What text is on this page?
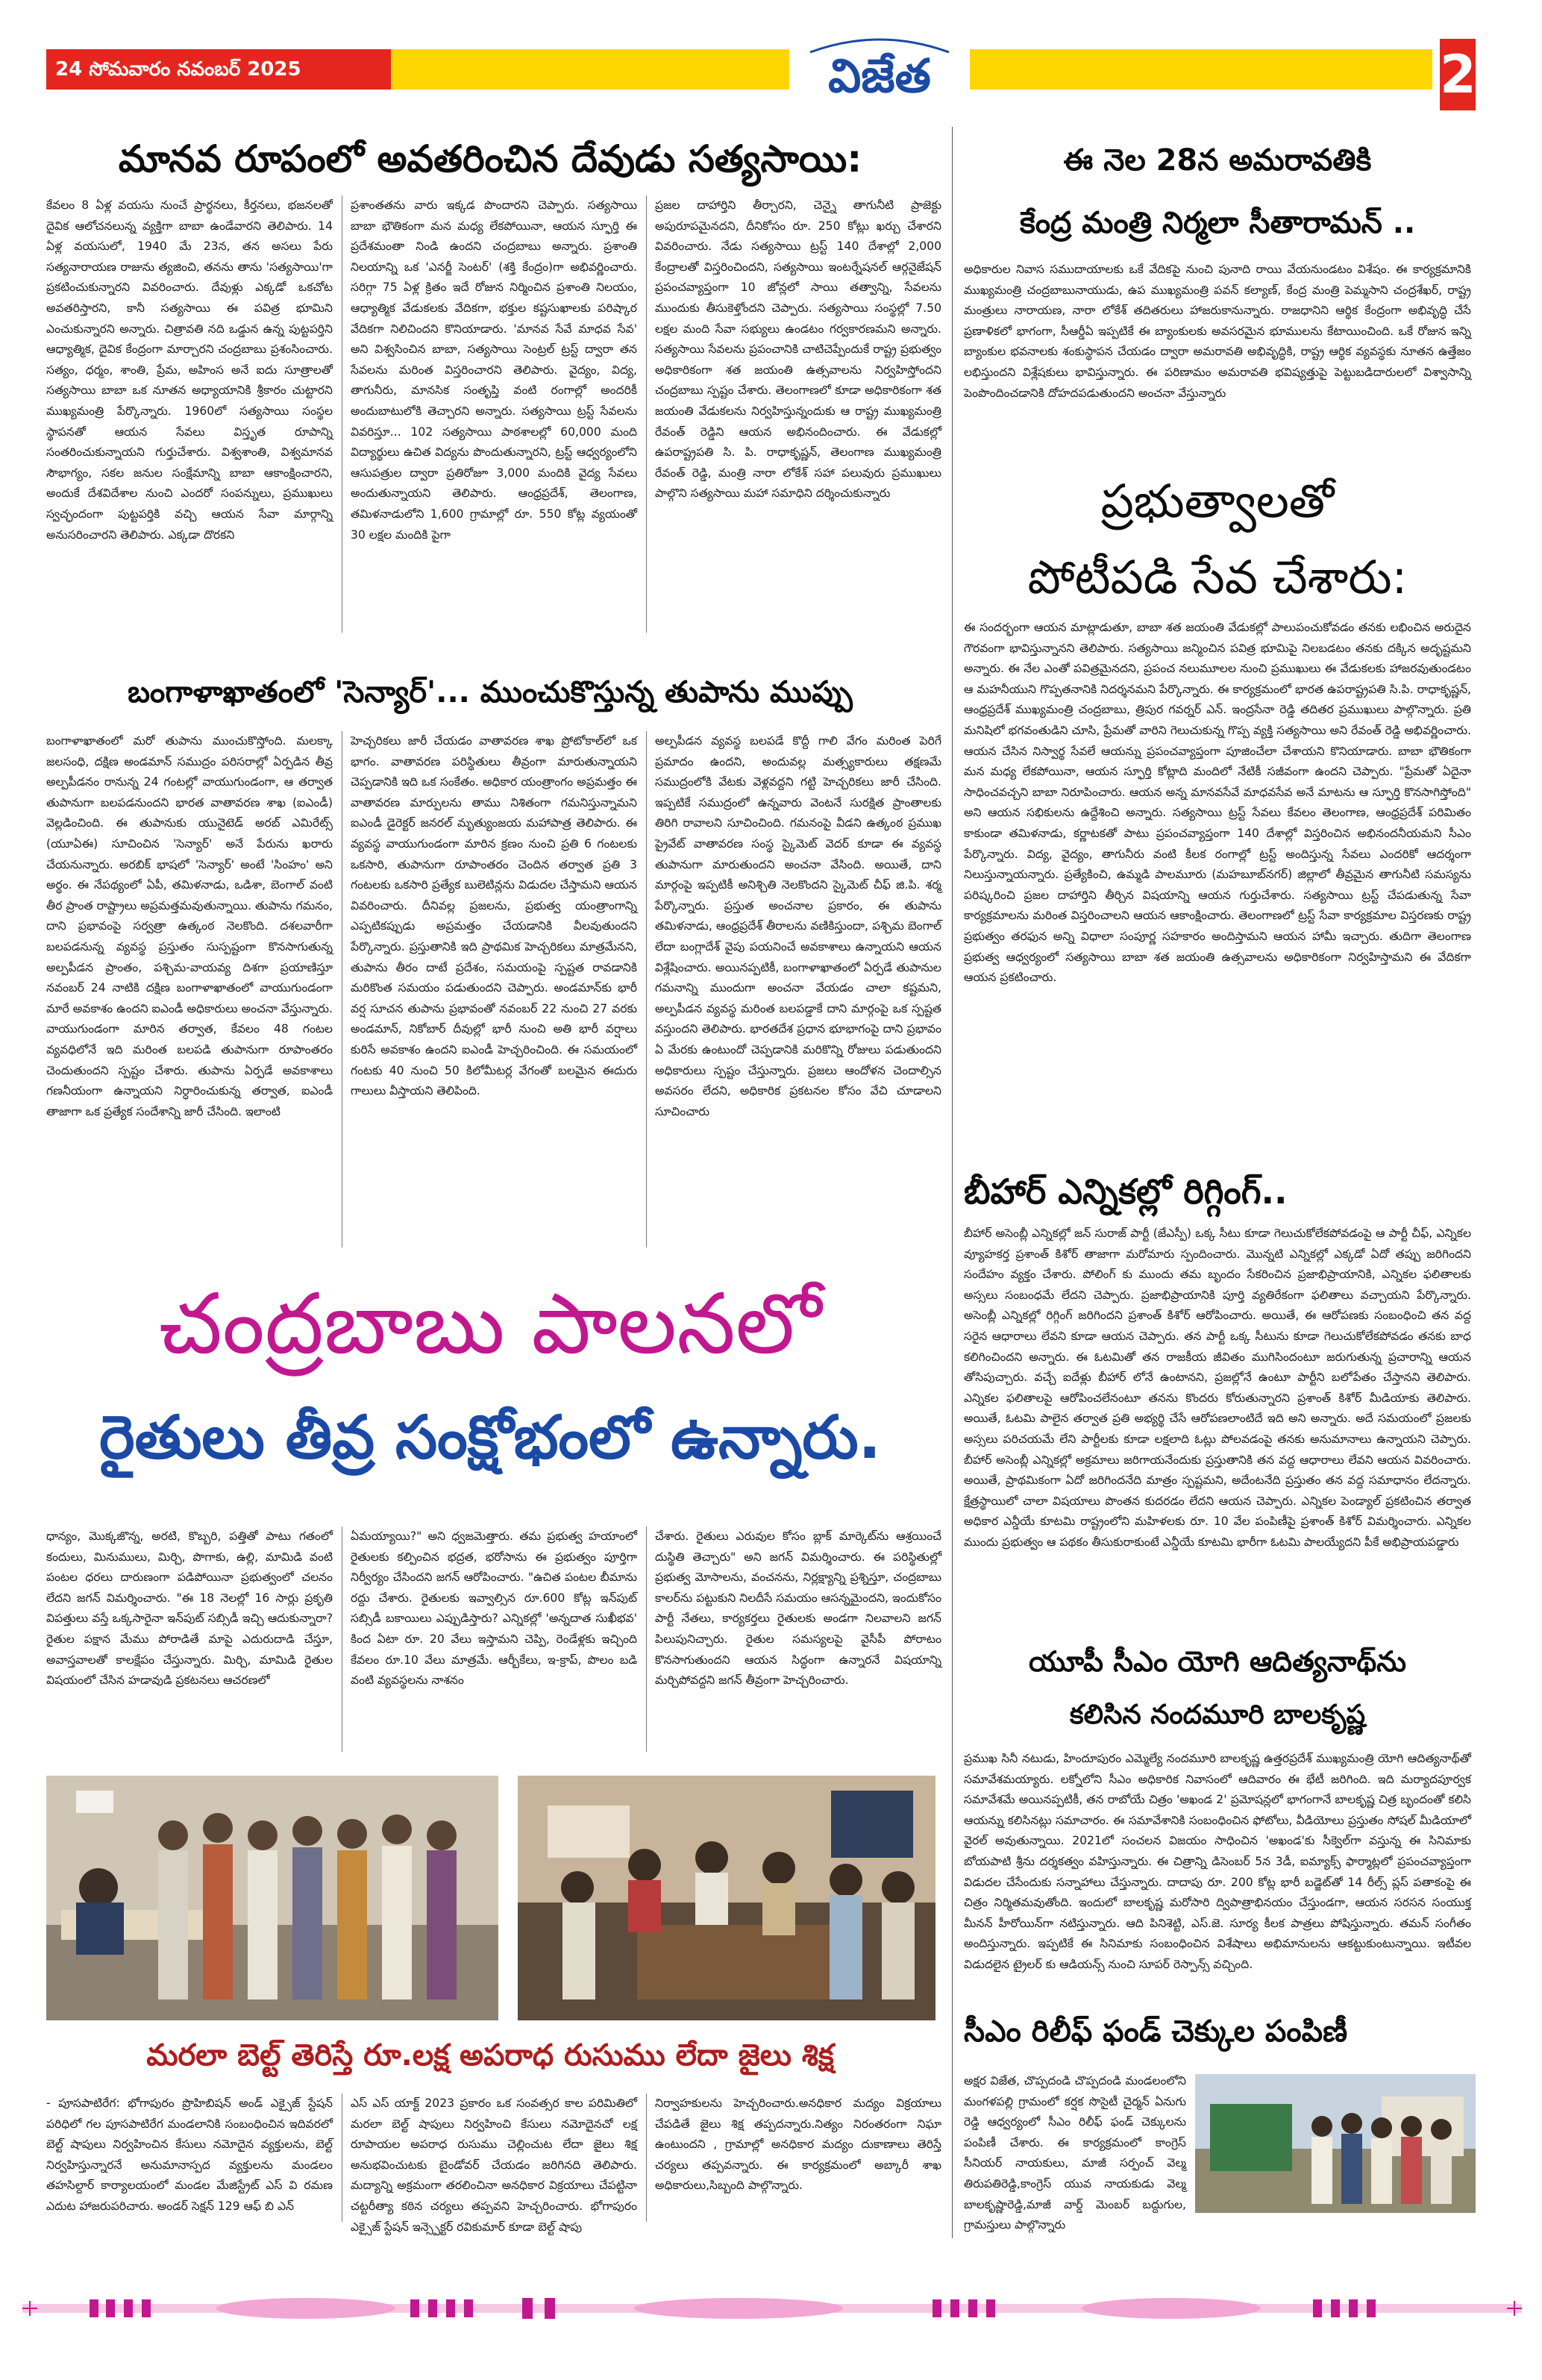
24 సోమవారం నవంబర్ 2025	విజేత	2
మానవ రూపంలో అవతరించిన దేవుడు సత్యసాయి:
కేవలం 8 ఏళ్ల వయసు నుంచే ప్రార్థనలు, కీర్తనలు, భజనలతో దైవిక ఆలోచనలున్న వ్యక్తిగా బాబా ఉండేవారని తెలిపారు. 14 ఏళ్ల వయసులో, 1940 మే 23న, తన అసలు పేరు సత్యనారాయణ రాజును త్యజించి, తనను తాను 'సత్యసాయి'గా ప్రకటించుకున్నారని వివరించారు. దేవుళ్లు ఎక్కడో ఒకచోట అవతరిస్తారని, కానీ సత్యసాయి ఈ పవిత్ర భూమిని ఎంచుకున్నారని అన్నారు. చిత్రావతి నది ఒడ్డున ఉన్న పుట్టపర్తిని ఆధ్యాత్మిక, దైవిక కేంద్రంగా మార్చారని చంద్రబాబు ప్రశంసించారు. సత్యం, ధర్మం, శాంతి, ప్రేమ, అహింస అనే ఐదు సూత్రాలతో సత్యసాయి బాబా ఒక నూతన అధ్యాయానికి శ్రీకారం చుట్టారని ముఖ్యమంత్రి పేర్కొన్నారు. 1960లో సత్యసాయి సంస్థల స్థాపనతో ఆయన సేవలు విస్తృత రూపాన్ని సంతరించుకున్నాయని గుర్తుచేశారు. విశ్వశాంతి, విశ్వమానవ సౌభాగ్యం, సకల జనుల సంక్షేమాన్ని బాబా ఆకాంక్షించారని, అందుకే దేశవిదేశాల నుంచి ఎందరో సంపన్నులు, ప్రముఖులు స్వచ్ఛందంగా పుట్టపర్తికి వచ్చి ఆయన సేవా మార్గాన్ని అనుసరించారని తెలిపారు. ఎక్కడా దొరకని
ప్రశాంతతను వారు ఇక్కడ పొందారని చెప్పారు. సత్యసాయి బాబా భౌతికంగా మన మధ్య లేకపోయినా, ఆయన స్ఫూర్తి ఈ ప్రదేశమంతా నిండి ఉందని చంద్రబాబు అన్నారు. ప్రశాంతి నిలయాన్ని ఒక 'ఎనర్జీ సెంటర్' (శక్తి కేంద్రం)గా అభివర్ణించారు. సరిగ్గా 75 ఏళ్ల క్రితం ఇదే రోజున నిర్మించిన ప్రశాంతి నిలయం, ఆధ్యాత్మిక వేడుకలకు వేదికగా, భక్తుల కష్టసుఖాలకు పరిష్కార వేదికగా నిలిచిందని కొనియాడారు. 'మానవ సేవే మాధవ సేవ' అని విశ్వసించిన బాబా, సత్యసాయి సెంట్రల్ ట్రస్ట్ ద్వారా తన సేవలను మరింత విస్తరించారని తెలిపారు. వైద్యం, విద్య, తాగునీరు, మానసిక సంతృప్తి వంటి రంగాల్లో అందరికీ అందుబాటులోకి తెచ్చారని అన్నారు. సత్యసాయి ట్రస్ట్ సేవలను వివరిస్తూ... 102 సత్యసాయి పాఠశాలల్లో 60,000 మంది విద్యార్థులు ఉచిత విద్యను పొందుతున్నారని, ట్రస్ట్ ఆధ్వర్యంలోని ఆసుపత్రుల ద్వారా ప్రతిరోజూ 3,000 మందికి వైద్య సేవలు అందుతున్నాయని తెలిపారు. ఆంధ్రప్రదేశ్, తెలంగాణ, తమిళనాడులోని 1,600 గ్రామాల్లో రూ. 550 కోట్ల వ్యయంతో 30 లక్షల మందికి పైగా
ప్రజల దాహార్తిని తీర్చారని, చెన్నై తాగునీటి ప్రాజెక్టు అపురూపమైనదని, దీనికోసం రూ. 250 కోట్లు ఖర్చు చేశారని వివరించారు. నేడు సత్యసాయి ట్రస్ట్ 140 దేశాల్లో 2,000 కేంద్రాలతో విస్తరించిందని, సత్యసాయి ఇంటర్నేషనల్ ఆర్గనైజేషన్ ప్రపంచవ్యాప్తంగా 10 జోన్లలో సాయి తత్వాన్ని, సేవలను ముందుకు తీసుకెళ్తోందని చెప్పారు. సత్యసాయి సంస్థల్లో 7.50 లక్షల మంది సేవా సభ్యులు ఉండటం గర్వకారణమని అన్నారు. సత్యసాయి సేవలను ప్రపంచానికి చాటిచెప్పేందుకే రాష్ట్ర ప్రభుత్వం అధికారికంగా శత జయంతి ఉత్సవాలను నిర్వహిస్తోందని చంద్రబాబు స్పష్టం చేశారు. తెలంగాణలో కూడా అధికారికంగా శత జయంతి వేడుకలను నిర్వహిస్తున్నందుకు ఆ రాష్ట్ర ముఖ్యమంత్రి రేవంత్ రెడ్డిని ఆయన అభినందించారు. ఈ వేడుకల్లో ఉపరాష్ట్రపతి సి. పి. రాధాకృష్ణన్, తెలంగాణ ముఖ్యమంత్రి రేవంత్ రెడ్డి, మంత్రి నారా లోకేశ్ సహా పలువురు ప్రముఖులు పాల్గొని సత్యసాయి మహా సమాధిని దర్శించుకున్నారు
బంగాళాఖాతంలో 'సెన్యార్'... ముంచుకొస్తున్న తుపాను ముప్పు
బంగాళాఖాతంలో మరో తుపాను ముంచుకొస్తోంది. మలక్కా జలసంధి, దక్షిణ అండమాన్ సముద్రం పరిసరాల్లో ఏర్పడిన తీవ్ర అల్పపీడనం రానున్న 24 గంటల్లో వాయుగుండంగా, ఆ తర్వాత తుపానుగా బలపడనుందని భారత వాతావరణ శాఖ (ఐఎండీ) వెల్లడించింది. ఈ తుపానుకు యునైటెడ్ అరబ్ ఎమిరేట్స్ (యూఏఈ) సూచించిన 'సెన్యార్' అనే పేరును ఖరారు చేయనున్నారు. అరబిక్ భాషలో 'సెన్యార్' అంటే 'సింహం' అని అర్థం. ఈ నేపథ్యంలో ఏపీ, తమిళనాడు, ఒడిశా, బెంగాల్ వంటి తీర ప్రాంత రాష్ట్రాలు అప్రమత్తమవుతున్నాయి. తుపాను గమనం, దాని ప్రభావంపై సర్వత్రా ఉత్కంఠ నెలకొంది. దశలవారీగా బలపడనున్న వ్యవస్థ ప్రస్తుతం సుస్పష్టంగా కొనసాగుతున్న అల్పపీడన ప్రాంతం, పశ్చిమ-వాయవ్య దిశగా ప్రయాణిస్తూ నవంబర్ 24 నాటికి దక్షిణ బంగాళాఖాతంలో వాయుగుండంగా మారే అవకాశం ఉందని ఐఎండీ అధికారులు అంచనా వేస్తున్నారు. వాయుగుండంగా మారిన తర్వాత, కేవలం 48 గంటల వ్యవధిలోనే ఇది మరింత బలపడి తుపానుగా రూపాంతరం చెందుతుందని స్పష్టం చేశారు. తుపాను ఏర్పడే అవకాశాలు గణనీయంగా ఉన్నాయని నిర్ధారించుకున్న తర్వాత, ఐఎండీ తాజాగా ఒక ప్రత్యేక సందేశాన్ని జారీ చేసింది. ఇలాంటి
హెచ్చరికలు జారీ చేయడం వాతావరణ శాఖ ప్రోటోకాల్‌లో ఒక భాగం. వాతావరణ పరిస్థితులు తీవ్రంగా మారుతున్నాయని చెప్పడానికి ఇది ఒక సంకేతం. అధికార యంత్రాంగం అప్రమత్తం ఈ వాతావరణ మార్పులను తాము నిశితంగా గమనిస్తున్నామని ఐఎండీ డైరెక్టర్ జనరల్ మృత్యుంజయ మహాపాత్ర తెలిపారు. ఈ వ్యవస్థ వాయుగుండంగా మారిన క్రణం నుంచి ప్రతి 6 గంటలకు ఒకసారి, తుపానుగా రూపాంతరం చెందిన తర్వాత ప్రతి 3 గంటలకు ఒకసారి ప్రత్యేక బులెటిన్లను విడుదల చేస్తామని ఆయన వివరించారు. దీనివల్ల ప్రజలను, ప్రభుత్వ యంత్రాంగాన్ని ఎప్పటికప్పుడు అప్రమత్తం చేయడానికి వీలవుతుందని పేర్కొన్నారు. ప్రస్తుతానికి ఇది ప్రాథమిక హెచ్చరికలు మాత్రమేనని, తుపాను తీరం దాటే ప్రదేశం, సమయంపై స్పష్టత రావడానికి మరికొంత సమయం పడుతుందని చెప్పారు. అండమాన్‌కు భారీ వర్ష సూచన తుపాను ప్రభావంతో నవంబర్ 22 నుంచి 27 వరకు అండమాన్, నికోబార్ దీవుల్లో భారీ నుంచి అతి భారీ వర్షాలు కురిసే అవకాశం ఉందని ఐఎండీ హెచ్చరించింది. ఈ సమయంలో గంటకు 40 నుంచి 50 కిలోమీటర్ల వేగంతో బలమైన ఈదురు గాలులు వీస్తాయని తెలిపింది.
అల్పపీడన వ్యవస్థ బలపడే కొద్దీ గాలి వేగం మరింత పెరిగే ప్రమాదం ఉందని, అందువల్ల మత్స్యకారులు తక్షణమే సముద్రంలోకి వేటకు వెళ్లవద్దని గట్టి హెచ్చరికలు జారీ చేసింది. ఇప్పటికే సముద్రంలో ఉన్నవారు వెంటనే సురక్షిత ప్రాంతాలకు తిరిగి రావాలని సూచించింది. గమనంపై వీడని ఉత్కంఠ ప్రముఖ ప్రైవేట్ వాతావరణ సంస్థ స్కైమెట్ వెదర్ కూడా ఈ వ్యవస్థ తుపానుగా మారుతుందని అంచనా వేసింది. అయితే, దాని మార్గంపై ఇప్పటికీ అనిశ్చితి నెలకొందని స్కైమెట్ చీఫ్ జి.పి. శర్మ పేర్కొన్నారు. ప్రస్తుత అంచనాల ప్రకారం, ఈ తుపాను తమిళనాడు, ఆంధ్రప్రదేశ్ తీరాలను వణికిస్తుందా, పశ్చిమ బెంగాల్ లేదా బంగ్లాదేశ్ వైపు పయనించే అవకాశాలు ఉన్నాయని ఆయన విశ్లేషించారు. అయినప్పటికీ, బంగాళాఖాతంలో ఏర్పడే తుపానుల గమనాన్ని ముందుగా అంచనా వేయడం చాలా కష్టమని, అల్పపీడన వ్యవస్థ మరింత బలపడ్డాకే దాని మార్గంపై ఒక స్పష్టత వస్తుందని తెలిపారు. భారతదేశ ప్రధాన భూభాగంపై దాని ప్రభావం ఏ మేరకు ఉంటుందో చెప్పడానికి మరికొన్ని రోజులు పడుతుందని అధికారులు స్పష్టం చేస్తున్నారు. ప్రజలు ఆందోళన చెందాల్సిన అవసరం లేదని, అధికారిక ప్రకటనల కోసం వేచి చూడాలని సూచించారు
చంద్రబాబు పాలనలో
రైతులు తీవ్ర సంక్షోభంలో ఉన్నారు.
ధాన్యం, మొక్కజొన్న, అరటి, కొబ్బరి, పత్తితో పాటు గతంలో కందులు, మినుములు, మిర్చి, పొగాకు, ఉల్లి, మామిడి వంటి పంటల ధరలు దారుణంగా పడిపోయినా ప్రభుత్వంలో చలనం లేదని జగన్ విమర్శించారు. "ఈ 18 నెలల్లో 16 సార్లు ప్రకృతి విపత్తులు వస్తే ఒక్కసారైనా ఇన్‌పుట్ సబ్సిడీ ఇచ్చి ఆదుకున్నారా? రైతుల పక్షాన మేము పోరాడితే మాపై ఎదురుదాడి చేస్తూ, అవాస్తవాలతో కాలక్షేపం చేస్తున్నారు. మిర్చి, మామిడి రైతుల విషయంలో చేసిన హడావుడి ప్రకటనలు ఆచరణలో
ఏమయ్యాయి?" అని ధ్వజమెత్తారు. తమ ప్రభుత్వ హయాంలో రైతులకు కల్పించిన భద్రత, భరోసాను ఈ ప్రభుత్వం పూర్తిగా నిర్వీర్యం చేసిందని జగన్ ఆరోపించారు. "ఉచిత పంటల బీమాను రద్దు చేశారు. రైతులకు ఇవ్వాల్సిన రూ.600 కోట్ల ఇన్‌పుట్ సబ్సిడీ బకాయిలు ఎప్పుడిస్తారు? ఎన్నికల్లో 'అన్నదాత సుఖీభవ' కింద ఏటా రూ. 20 వేలు ఇస్తామని చెప్పి, రెండేళ్లకు ఇచ్చింది కేవలం రూ.10 వేలు మాత్రమే. ఆర్బీకేలు, ఇ-క్రాప్, పొలం బడి వంటి వ్యవస్థలను నాశనం
చేశారు. రైతులు ఎరువుల కోసం బ్లాక్ మార్కెట్‌ను ఆశ్రయించే దుస్థితి తెచ్చారు" అని జగన్ విమర్శించారు. ఈ పరిస్థితుల్లో ప్రభుత్వ మోసాలను, వంచనను, నిర్లక్ష్యాన్ని ప్రశ్నిస్తూ, చంద్రబాబు కాలర్‌ను పట్టుకుని నిలదీసే సమయం ఆసన్నమైందని, ఇందుకోసం పార్టీ నేతలు, కార్యకర్తలు రైతులకు అండగా నిలవాలని జగన్ పిలుపునిచ్చారు. రైతుల సమస్యలపై వైసీపీ పోరాటం కొనసాగుతుందని ఆయన సిద్ధంగా ఉన్నారనే విషయాన్ని మర్చిపోవద్దని జగన్ తీవ్రంగా హెచ్చరించారు.
మరలా బెల్ట్ తెరిస్తే రూ.లక్ష అపరాధ రుసుము లేదా జైలు శిక్ష
- పూసపాటిరేగ: భోగాపురం ప్రొహిబిషన్ అండ్ ఎక్సైజ్ స్టేషన్ పరిధిలో గల పూసపాటిరేగ మండలానికి సంబంధించిన ఇదివరలో బెల్ట్ షాపులు నిర్వహించిన కేసులు నమోదైన వ్యక్తులను, బెల్ట్ నిర్వహిస్తున్నారనే అనుమానాస్పద వ్యక్తులను మండలం తహసిల్దార్ కార్యాలయంలో మండల మేజిస్ట్రేట్ ఎస్ వి రమణ ఎదుట హాజరుపరిచారు. అండర్ సెక్షన్ 129 ఆఫ్ బి ఎన్
ఎస్ ఎస్ యాక్ట్ 2023 ప్రకారం ఒక సంవత్సర కాల పరిమితిలో మరలా బెల్ట్ షాపులు నిర్వహించి కేసులు నమోదైనచో లక్ష రూపాయల అపరాధ రుసుము చెల్లించుట లేదా జైలు శిక్ష అనుభవించుటకు బైండోవర్ చేయడం జరిగినది తెలిపారు. మద్యాన్ని అక్రమంగా తరలించినా అనధికార విక్రయాలు చేపట్టినా చట్టరీత్యా కఠిన చర్యలు తప్పవని హెచ్చరించారు. భోగాపురం ఎక్సైజ్ స్టేషన్ ఇన్స్పెక్టర్ రవికుమార్ కూడా బెల్ట్ షాపు
నిర్వాహకులను హెచ్చరించారు.అనధికార మద్యం విక్రయాలు చేపడితే జైలు శిక్ష తప్పదన్నారు.నిత్యం నిరంతరంగా నిఘా ఉంటుందని , గ్రామాల్లో అనధికార మద్యం దుకాణాలు తెరిస్తే చర్యలు తప్పవన్నారు. ఈ కార్యక్రమంలో అబ్కారీ శాఖ అధికారులు,సిబ్బంది పాల్గొన్నారు.
ఈ నెల 28న అమరావతికి
కేంద్ర మంత్రి నిర్మలా సీతారామన్ ..
అధికారుల నివాస సముదాయాలకు ఒకే వేదికపై నుంచి పునాది రాయి వేయనుండటం విశేషం. ఈ కార్యక్రమానికి ముఖ్యమంత్రి చంద్రబాబునాయుడు, ఉప ముఖ్యమంత్రి పవన్ కల్యాణ్, కేంద్ర మంత్రి పెమ్మసాని చంద్రశేఖర్, రాష్ట్ర మంత్రులు నారాయణ, నారా లోకేశ్ తదితరులు హాజరుకానున్నారు. రాజధానిని ఆర్థిక కేంద్రంగా అభివృద్ధి చేసే ప్రణాళికలో భాగంగా, సీఆర్డీఏ ఇప్పటికే ఈ బ్యాంకులకు అవసరమైన భూములను కేటాయించింది. ఒకే రోజున ఇన్ని బ్యాంకుల భవనాలకు శంకుస్థాపన చేయడం ద్వారా అమరావతి అభివృద్ధికి, రాష్ట్ర ఆర్థిక వ్యవస్థకు నూతన ఉత్తేజం లభిస్తుందని విశ్లేషకులు భావిస్తున్నారు. ఈ పరిణామం అమరావతి భవిష్యత్తుపై పెట్టుబడిదారులలో విశ్వాసాన్ని పెంపొందించడానికి దోహదపడుతుందని అంచనా వేస్తున్నారు
ప్రభుత్వాలతో
పోటీపడి సేవ చేశారు:
ఈ సందర్భంగా ఆయన మాట్లాడుతూ, బాబా శత జయంతి వేడుకల్లో పాలుపంచుకోవడం తనకు లభించిన అరుదైన గౌరవంగా భావిస్తున్నానని తెలిపారు. సత్యసాయి జన్మించిన పవిత్ర భూమిపై నిలబడటం తనకు దక్కిన అదృష్టమని అన్నారు. ఈ నేల ఎంతో పవిత్రమైనదని, ప్రపంచ నలుమూలల నుంచి ప్రముఖులు ఈ వేడుకలకు హాజరవుతుండటం ఆ మహనీయుని గొప్పతనానికి నిదర్శనమని పేర్కొన్నారు. ఈ కార్యక్రమంలో భారత ఉపరాష్ట్రపతి సి.పి. రాధాకృష్ణన్, ఆంధ్రప్రదేశ్ ముఖ్యమంత్రి చంద్రబాబు, త్రిపుర గవర్నర్ ఎన్. ఇంద్రసేనా రెడ్డి తదితర ప్రముఖులు పాల్గొన్నారు. ప్రతి మనిషిలో భగవంతుడిని చూసి, ప్రేమతో వారిని గెలుచుకున్న గొప్ప వ్యక్తి సత్యసాయి అని రేవంత్ రెడ్డి అభివర్ణించారు. ఆయన చేసిన నిస్వార్థ సేవలే ఆయన్ను ప్రపంచవ్యాప్తంగా పూజించేలా చేశాయని కొనియాడారు. బాబా భౌతికంగా మన మధ్య లేకపోయినా, ఆయన స్ఫూర్తి కోట్లాది మందిలో నేటికీ సజీవంగా ఉందని చెప్పారు. "ప్రేమతో ఏదైనా సాధించవచ్చని బాబా నిరూపించారు. ఆయన అన్న మానవసేవే మాధవసేవ అనే మాటను ఆ స్ఫూర్తి కొనసాగిస్తోంది" అని ఆయన సభికులను ఉద్దేశించి అన్నారు. సత్యసాయి ట్రస్ట్ సేవలు కేవలం తెలంగాణ, ఆంధ్రప్రదేశ్ పరిమితం కాకుండా తమిళనాడు, కర్ణాటకతో పాటు ప్రపంచవ్యాప్తంగా 140 దేశాల్లో విస్తరించిన అభినందనీయమని సీఎం పేర్కొన్నారు. విద్య, వైద్యం, తాగునీరు వంటి కీలక రంగాల్లో ట్రస్ట్ అందిస్తున్న సేవలు ఎందరికో ఆదర్శంగా నిలుస్తున్నాయన్నారు. ప్రత్యేకించి, ఉమ్మడి పాలమూరు (మహబూబ్‌నగర్) జిల్లాలో తీవ్రమైన తాగునీటి సమస్యను పరిష్కరించి ప్రజల దాహార్తిని తీర్చిన విషయాన్ని ఆయన గుర్తుచేశారు. సత్యసాయి ట్రస్ట్ చేపడుతున్న సేవా కార్యక్రమాలను మరింత విస్తరించాలని ఆయన ఆకాంక్షించారు. తెలంగాణలో ట్రస్ట్ సేవా కార్యక్రమాల విస్తరణకు రాష్ట్ర ప్రభుత్వం తరఫున అన్ని విధాలా సంపూర్ణ సహకారం అందిస్తామని ఆయన హామీ ఇచ్చారు. తుదిగా తెలంగాణ ప్రభుత్వ ఆధ్వర్యంలో సత్యసాయి బాబా శత జయంతి ఉత్సవాలను అధికారికంగా నిర్వహిస్తామని ఈ వేదికగా ఆయన ప్రకటించారు.
బీహార్ ఎన్నికల్లో రిగ్గింగ్..
బీహార్ అసెంబ్లీ ఎన్నికల్లో జన్ సురాజ్ పార్టీ (జేఎస్పీ) ఒక్క సీటు కూడా గెలుచుకోలేకపోవడంపై ఆ పార్టీ చీఫ్, ఎన్నికల వ్యూహకర్త ప్రశాంత్ కిశోర్ తాజాగా మరోమారు స్పందించారు. మొన్నటి ఎన్నికల్లో ఎక్కడో ఏదో తప్పు జరిగిందని సందేహం వ్యక్తం చేశారు. పోలింగ్ కు ముందు తమ బృందం సేకరించిన ప్రజాభిప్రాయానికి, ఎన్నికల ఫలితాలకు అస్సలు సంబంధమే లేదని చెప్పారు. ప్రజాభిప్రాయానికి పూర్తి వ్యతిరేకంగా ఫలితాలు వచ్చాయని పేర్కొన్నారు. అసెంబ్లీ ఎన్నికల్లో రిగ్గింగ్ జరిగిందని ప్రశాంత్ కిశోర్ ఆరోపించారు. అయితే, ఈ ఆరోపణకు సంబంధించి తన వద్ద సరైన ఆధారాలు లేవని కూడా ఆయన చెప్పారు. తన పార్టీ ఒక్క సీటును కూడా గెలుచుకోలేకపోవడం తనకు బాధ కలిగించిందని అన్నారు. ఈ ఓటమితో తన రాజకీయ జీవితం ముగిసిందంటూ జరుగుతున్న ప్రచారాన్ని ఆయన తోసిపుచ్చారు. వచ్చే ఐదేళ్లు బీహార్ లోనే ఉంటానని, ప్రజల్లోనే ఉంటూ పార్టీని బలోపేతం చేస్తానని తెలిపారు. ఎన్నికల ఫలితాలపై ఆరోపించలేనంటూ తనను కొందరు కోరుతున్నారని ప్రశాంత్ కిశోర్ మీడియాకు తెలిపారు. అయితే, ఓటమి పాలైన తర్వాత ప్రతి అభ్యర్థి చేసే ఆరోపణలాంటిదే ఇది అని అన్నారు. అదే సమయంలో ప్రజలకు అస్సలు పరిచయమే లేని పార్టీలకు కూడా లక్షలాది ఓట్లు పోలవడంపై తనకు అనుమానాలు ఉన్నాయని చెప్పారు. బీహార్ అసెంబ్లీ ఎన్నికల్లో అక్రమాలు జరిగాయనేందుకు ప్రస్తుతానికి తన వద్ద ఆధారాలు లేవని ఆయన వివరించారు. అయితే, ప్రాథమికంగా ఏదో జరిగిందనేది మాత్రం స్పష్టమని, అదేంటనేది ప్రస్తుతం తన వద్ద సమాధానం లేదన్నారు. క్షేత్రస్థాయిలో చాలా విషయాలు పొంతన కుదరడం లేదని ఆయన చెప్పారు. ఎన్నికల పెండ్యాల్ ప్రకటించిన తర్వాత అధికార ఎన్డీయే కూటమి రాష్ట్రంలోని మహిళలకు రూ. 10 వేల పంపిణీపై ప్రశాంత్ కిశోర్ విమర్శించారు. ఎన్నికల ముందు ప్రభుత్వం ఆ పథకం తీసుకురాకుంటే ఎన్డీయే కూటమి భారీగా ఓటమి పాలయ్యేదని పీకే అభిప్రాయపడ్డారు
యూపీ సీఎం యోగి ఆదిత్యనాథ్‌ను
కలిసిన నందమూరి బాలకృష్ణ
ప్రముఖ సినీ నటుడు, హిందూపురం ఎమ్మెల్యే నందమూరి బాలకృష్ణ ఉత్తరప్రదేశ్ ముఖ్యమంత్రి యోగి ఆదిత్యనాథ్‌తో సమావేశమయ్యారు. లక్నోలోని సీఎం అధికారిక నివాసంలో ఆదివారం ఈ భేటీ జరిగింది. ఇది మర్యాదపూర్వక సమావేశమే అయినప్పటికీ, తన రాబోయే చిత్రం 'అఖండ 2' ప్రమోషన్లలో భాగంగానే బాలకృష్ణ చిత్ర బృందంతో కలిసి ఆయన్ను కలిసినట్లు సమాచారం. ఈ సమావేశానికి సంబంధించిన ఫోటోలు, వీడియోలు ప్రస్తుతం సోషల్ మీడియాలో వైరల్ అవుతున్నాయి. 2021లో సంచలన విజయం సాధించిన 'అఖండ'కు సీక్వెల్‌గా వస్తున్న ఈ సినిమాకు బోయపాటి శ్రీను దర్శకత్వం వహిస్తున్నారు. ఈ చిత్రాన్ని డిసెంబర్ 5న 3డీ, ఐమ్యాక్స్ ఫార్మాట్లలో ప్రపంచవ్యాప్తంగా విడుదల చేసేందుకు సన్నాహాలు చేస్తున్నారు. దాదాపు రూ. 200 కోట్ల భారీ బడ్జెట్‌తో 14 రీల్స్ ప్లస్ పతాకంపై ఈ చిత్రం నిర్మితమవుతోంది. ఇందులో బాలకృష్ణ మరోసారి ద్విపాత్రాభినయం చేస్తుండగా, ఆయన సరసన సంయుక్త మీనన్ హీరోయిన్‌గా నటిస్తున్నారు. ఆది పినిశెట్టి, ఎస్.జె. సూర్య కీలక పాత్రలు పోషిస్తున్నారు. తమన్ సంగీతం అందిస్తున్నారు. ఇప్పటికే ఈ సినిమాకు సంబంధించిన విశేషాలు అభిమానులను ఆకట్టుకుంటున్నాయి. ఇటీవల విడుదలైన ట్రైలర్ కు ఆడియన్స్ నుంచి సూపర్ రెస్పాన్స్ వచ్చింది.
సీఎం రిలీఫ్ ఫండ్ చెక్కుల పంపిణీ
అక్షర విజేత, చొప్పదండి చొప్పదండి మండలంలోని మంగళపల్లి గ్రామంలో కర్షక సొసైటీ చైర్మన్ ఏనుగు రెడ్డి ఆధ్వర్యంలో సీఎం రిలీఫ్ ఫండ్ చెక్కులను పంపిణీ చేశారు. ఈ కార్యక్రమంలో కాంగ్రెస్ సీనియర్ నాయకులు, మాజీ సర్పంచ్ వెల్మ తిరుపతిరెడ్డి,కాంగ్రెస్ యువ నాయకుడు వెల్మ బాలకృష్ణారెడ్డి,మాజీ వార్డ్ మెంబర్ బద్దుగుల, గ్రామస్తులు పాల్గొన్నారు
